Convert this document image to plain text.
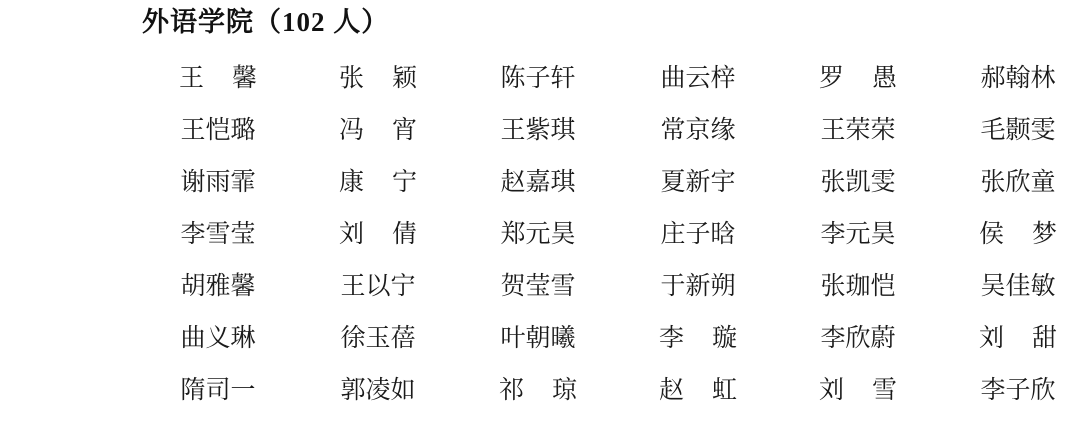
外语学院（102 人）
王馨	张颖	陈子轩	曲云梓	罗愚	郝翰林
王恺璐	冯宵	王紫琪	常京缘	王荣荣	毛颢雯
谢雨霏	康宁	赵嘉琪	夏新宇	张凯雯	张欣童
李雪莹	刘倩	郑元昊	庄子晗	李元昊	侯梦
胡雅馨	王以宁	贺莹雪	于新朔	张珈恺	吴佳敏
曲义琳	徐玉蓓	叶朝曦	李璇	李欣蔚	刘甜
隋司一	郭凌如	祁琼	赵虹	刘雪	李子欣
